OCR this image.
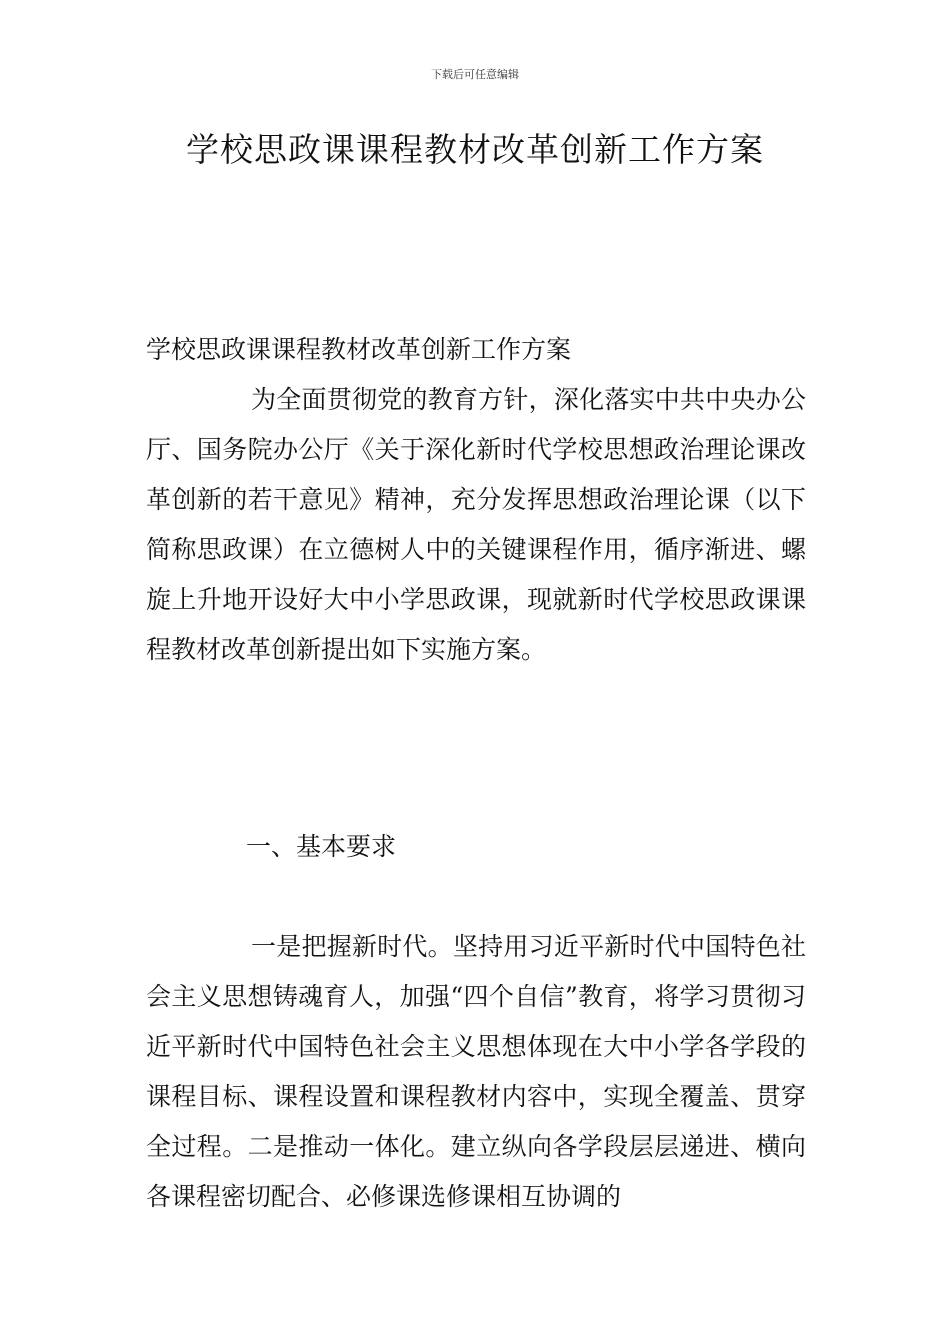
下载后可任意编辑
学校思政课课程教材改革创新工作方案

学校思政课课程教材改革创新工作方案

为全面贯彻党的教育方针，深化落实中共中央办公厅、国务院办公厅《关于深化新时代学校思想政治理论课改革创新的若干意见》精神，充分发挥思想政治理论课（以下简称思政课）在立德树人中的关键课程作用，循序渐进、螺旋上升地开设好大中小学思政课，现就新时代学校思政课课程教材改革创新提出如下实施方案。

一、基本要求

一是把握新时代。坚持用习近平新时代中国特色社会主义思想铸魂育人，加强“四个自信”教育，将学习贯彻习近平新时代中国特色社会主义思想体现在大中小学各学段的课程目标、课程设置和课程教材内容中，实现全覆盖、贯穿全过程。二是推动一体化。建立纵向各学段层层递进、横向各课程密切配合、必修课选修课相互协调的
